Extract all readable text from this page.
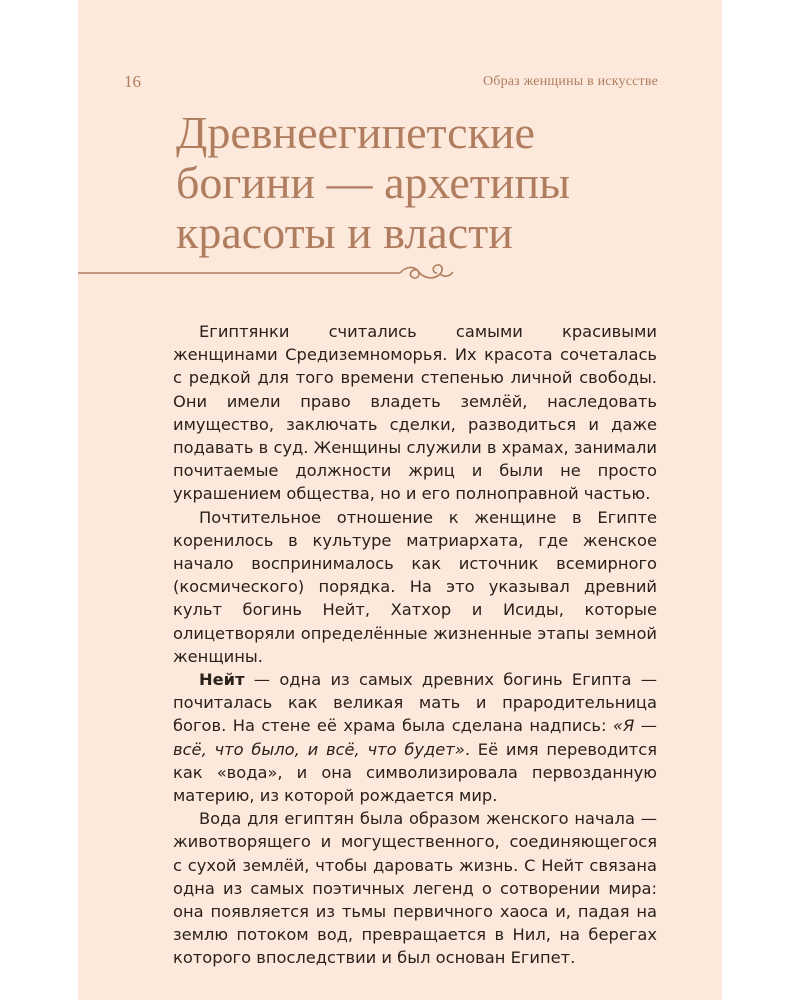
16	Образ женщины в искусстве
Древнеегипетские
богини — архетипы
красоты и власти

Египтянки считались самыми красивыми женщинами Средиземноморья. Их красота сочеталась с редкой для того времени степенью личной свободы. Они имели право владеть землёй, наследовать имущество, заключать сделки, разводиться и даже подавать в суд. Женщины служили в храмах, занимали почитаемые должности жриц и были не просто украшением общества, но и его полноправной частью.

Почтительное отношение к женщине в Египте коренилось в культуре матриархата, где женское начало воспринималось как источник всемирного (космического) порядка. На это указывал древний культ богинь Нейт, Хатхор и Исиды, которые олицетворяли определённые жизненные этапы земной женщины.

Нейт — одна из самых древних богинь Египта — почиталась как великая мать и прародительница богов. На стене её храма была сделана надпись: «Я — всё, что было, и всё, что будет». Её имя переводится как «вода», и она символизировала первозданную материю, из которой рождается мир.

Вода для египтян была образом женского начала — животворящего и могущественного, соединяющегося с сухой землёй, чтобы даровать жизнь. С Нейт связана одна из самых поэтичных легенд о сотворении мира: она появляется из тьмы первичного хаоса и, падая на землю потоком вод, превращается в Нил, на берегах которого впоследствии и был основан Египет.
